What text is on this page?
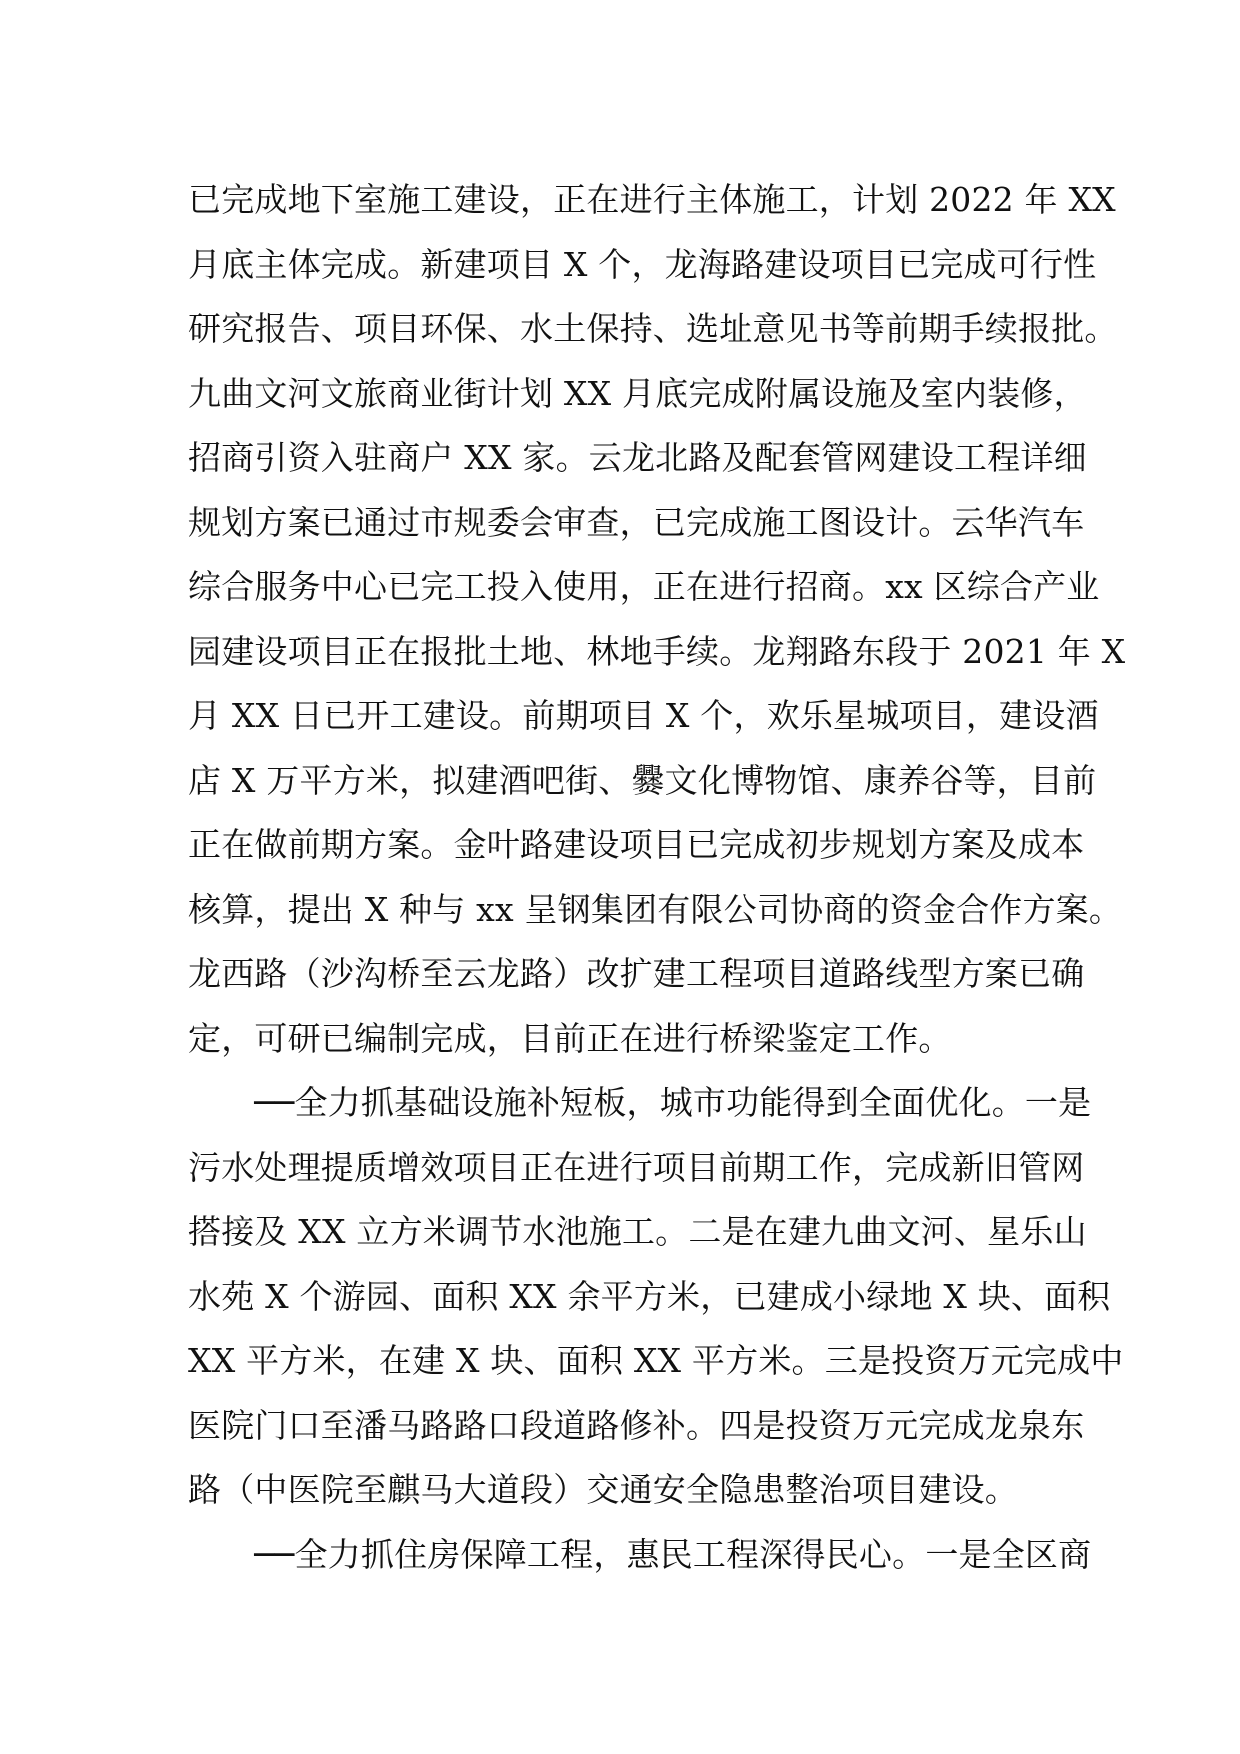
已完成地下室施工建设，正在进行主体施工，计划 2022 年 XX
月底主体完成。新建项目 X 个，龙海路建设项目已完成可行性
研究报告、项目环保、水土保持、选址意见书等前期手续报批。
九曲文河文旅商业街计划 XX 月底完成附属设施及室内装修，
招商引资入驻商户 XX 家。云龙北路及配套管网建设工程详细
规划方案已通过市规委会审查，已完成施工图设计。云华汽车
综合服务中心已完工投入使用，正在进行招商。xx 区综合产业
园建设项目正在报批土地、林地手续。龙翔路东段于 2021 年 X
月 XX 日已开工建设。前期项目 X 个，欢乐星城项目，建设酒
店 X 万平方米，拟建酒吧街、爨文化博物馆、康养谷等，目前
正在做前期方案。金叶路建设项目已完成初步规划方案及成本
核算，提出 X 种与 xx 呈钢集团有限公司协商的资金合作方案。
龙西路（沙沟桥至云龙路）改扩建工程项目道路线型方案已确
定，可研已编制完成，目前正在进行桥梁鉴定工作。
　　──全力抓基础设施补短板，城市功能得到全面优化。一是
污水处理提质增效项目正在进行项目前期工作，完成新旧管网
搭接及 XX 立方米调节水池施工。二是在建九曲文河、星乐山
水苑 X 个游园、面积 XX 余平方米，已建成小绿地 X 块、面积
XX 平方米，在建 X 块、面积 XX 平方米。三是投资万元完成中
医院门口至潘马路路口段道路修补。四是投资万元完成龙泉东
路（中医院至麒马大道段）交通安全隐患整治项目建设。
　　──全力抓住房保障工程，惠民工程深得民心。一是全区商
